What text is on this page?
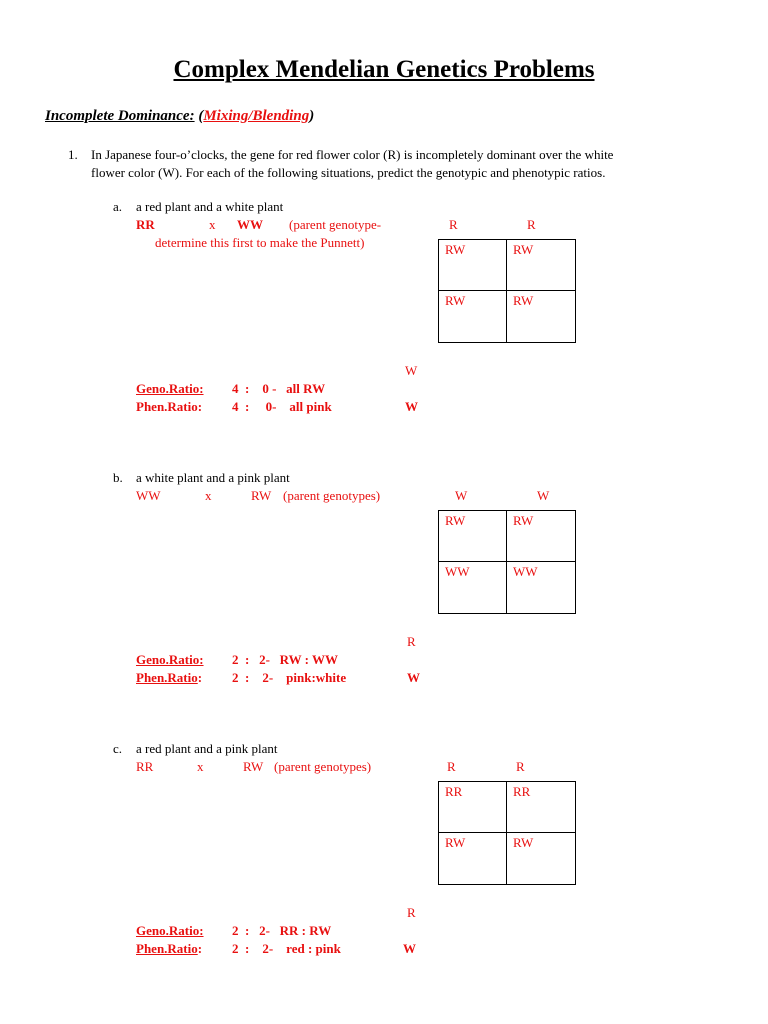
Complex Mendelian Genetics Problems
Incomplete Dominance: (Mixing/Blending)
1. In Japanese four-o’clocks, the gene for red flower color (R) is incompletely dominant over the white
flower color (W). For each of the following situations, predict the genotypic and phenotypic ratios.
a. a red plant and a white plant
RR	x WW (parent genotype-
determine this first to make the Punnett)
R	R
RW	RW
RW	RW
W
W
Geno.Ratio: 4  :    0 -   all RW
Phen.Ratio: 4  :     0-    all pink
b. a white plant and a pink plant
WW	x	RW (parent genotypes)	W	W
RW	RW
WW	WW
R
W
Geno.Ratio: 2  :   2-   RW : WW
Phen.Ratio: 2  :    2-    pink:white
c. a red plant and a pink plant
RR	x	RW (parent genotypes)	R	R
RR	RR
RW	RW
R
W
Geno.Ratio: 2  :   2-   RR : RW
Phen.Ratio: 2  :    2-    red : pink
